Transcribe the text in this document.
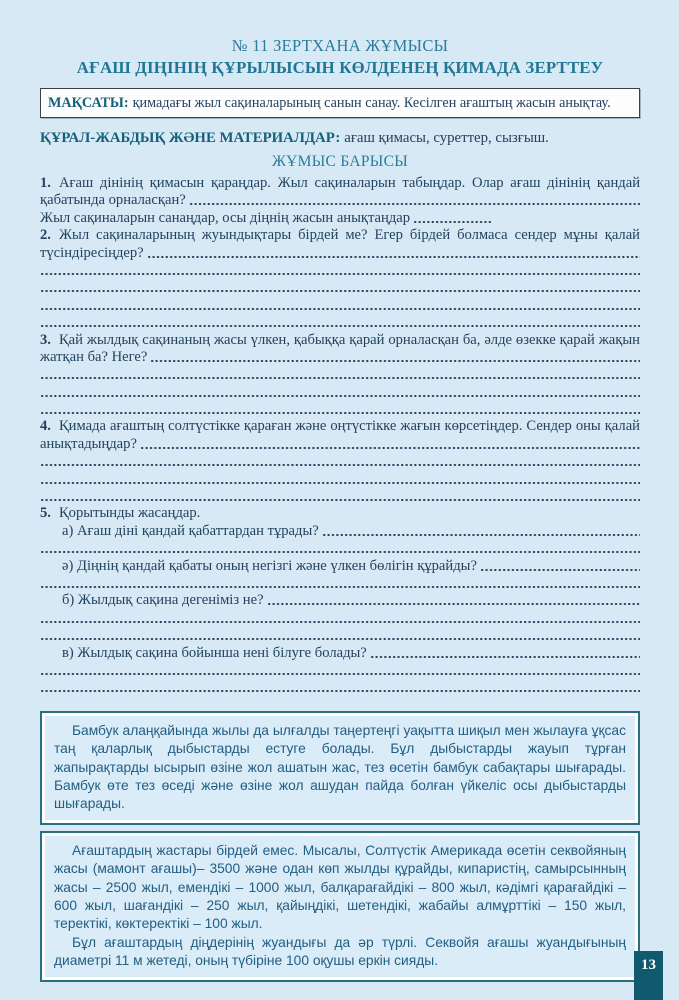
№ 11 ЗЕРТХАНА ЖҰМЫСЫ
АҒАШ ДІҢІНІҢ ҚҰРЫЛЫСЫН КӨЛДЕНЕҢ ҚИМАДА ЗЕРТТЕУ
МАҚСАТЫ: қимадағы жыл сақиналарының санын санау. Кесілген ағаштың жасын анықтау.
ҚҰРАЛ-ЖАБДЫҚ ЖӘНЕ МАТЕРИАЛДАР: ағаш қимасы, суреттер, сызғыш.
ЖҰМЫС БАРЫСЫ
1. Ағаш дінінің қимасын қараңдар. Жыл сақиналарын табыңдар. Олар ағаш дінінің қандай
қабатында орналасқан?
Жыл сақиналарын санаңдар, осы діңнің жасын анықтаңдар
2. Жыл сақиналарының жуындықтары бірдей ме? Егер бірдей болмаса сендер мұны қалай
түсіндіресіңдер?
3. Қай жылдық сақинаның жасы үлкен, қабыққа қарай орналасқан ба, әлде өзекке қарай жақын
жатқан ба? Неге?
4. Қимада ағаштың солтүстікке қараған және оңтүстікке жағын көрсетіңдер. Сендер оны қалай
анықтадыңдар?
5. Қорытынды жасаңдар.
а) Ағаш діні қандай қабаттардан тұрады?
ә) Діңнің қандай қабаты оның негізгі және үлкен бөлігін құрайды?
б) Жылдық сақина дегеніміз не?
в) Жылдық сақина бойынша нені білуге болады?

Бамбук алаңқайында жылы да ылғалды таңертеңгі уақытта шиқыл мен жылауға ұқсас таң қаларлық дыбыстарды естуге болады. Бұл дыбыстарды жауып тұрған жапырақтарды ысырып өзіне жол ашатын жас, тез өсетін бамбук сабақтары шығарады. Бамбук өте тез өседі және өзіне жол ашудан пайда болған үйкеліс осы дыбыстарды шығарады.

Ағаштардың жастары бірдей емес. Мысалы, Солтүстік Америкада өсетін секвойяның жасы (мамонт ағашы)– 3500 және одан көп жылды құрайды, кипаристің, самырсынның жасы – 2500 жыл, емендікі – 1000 жыл, балқарағайдікі – 800 жыл, кәдімгі қарағайдікі – 600 жыл, шағандікі – 250 жыл, қайыңдікі, шетендікі, жабайы алмұрттікі – 150 жыл, теректікі, көктеректікі – 100 жыл.

Бұл ағаштардың діңдерінің жуандығы да әр түрлі. Секвойя ағашы жуандығының диаметрі 11 м жетеді, оның түбіріне 100 оқушы еркін сияды.	13
